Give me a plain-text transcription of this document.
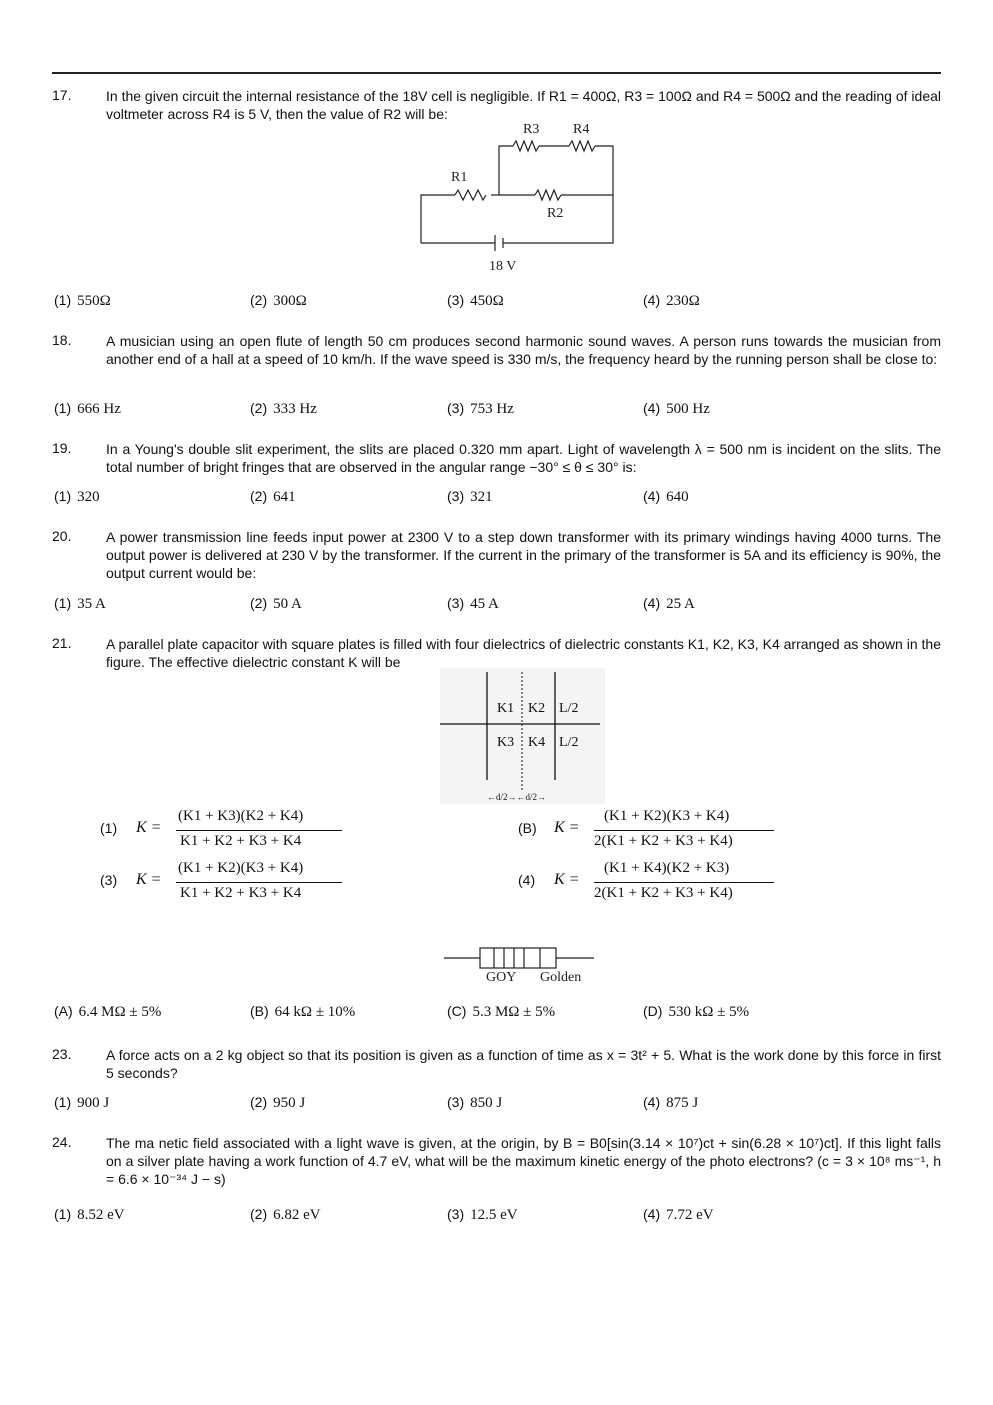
17. In the given circuit the internal resistance of the 18V cell is negligible. If R1 = 400Ω, R3 = 100Ω and R4 = 500Ω and the reading of ideal voltmeter across R4 is 5 V, then the value of R2 will be:
R3 R4
R1
R2
18 V
(1) 550Ω	(2) 300Ω	(3) 450Ω	(4) 230Ω
18. A musician using an open flute of length 50 cm produces second harmonic sound waves. A person runs towards the musician from another end of a hall at a speed of 10 km/h. If the wave speed is 330 m/s, the frequency heard by the running person shall be close to:
(1) 666 Hz	(2) 333 Hz	(3) 753 Hz	(4) 500 Hz
19. In a Young's double slit experiment, the slits are placed 0.320 mm apart. Light of wavelength λ = 500 nm is incident on the slits. The total number of bright fringes that are observed in the angular range −30° ≤ θ ≤ 30° is:
(1) 320	(2) 641	(3) 321	(4) 640
20. A power transmission line feeds input power at 2300 V to a step down transformer with its primary windings having 4000 turns. The output power is delivered at 230 V by the transformer. If the current in the primary of the transformer is 5A and its efficiency is 90%, the output current would be:
(1) 35 A	(2) 50 A	(3) 45 A	(4) 25 A
21. A parallel plate capacitor with square plates is filled with four dielectrics of dielectric constants K1, K2, K3, K4 arranged as shown in the figure. The effective dielectric constant K will be
K1 K2 L/2
K3 K4 L/2
←d/2→←d/2→
(1) K =
(K1 + K3)(K2 + K4)
K1 + K2 + K3 + K4
(B) K =
(K1 + K2)(K3 + K4)
2(K1 + K2 + K3 + K4)
(3) K =
(K1 + K2)(K3 + K4)
K1 + K2 + K3 + K4
(4) K =
(K1 + K4)(K2 + K3)
2(K1 + K2 + K3 + K4)
GOY Golden
(A) 6.4 MΩ ± 5%	(B) 64 kΩ ± 10%	(C) 5.3 MΩ ± 5%	(D) 530 kΩ ± 5%
23. A force acts on a 2 kg object so that its position is given as a function of time as x = 3t² + 5. What is the work done by this force in first 5 seconds?
(1) 900 J	(2) 950 J	(3) 850 J	(4) 875 J
24. The ma netic field associated with a light wave is given, at the origin, by B = B0[sin(3.14 × 10⁷)ct + sin(6.28 × 10⁷)ct]. If this light falls on a silver plate having a work function of 4.7 eV, what will be the maximum kinetic energy of the photo electrons? (c = 3 × 10⁸ ms⁻¹, h = 6.6 × 10⁻³⁴ J − s)
(1) 8.52 eV	(2) 6.82 eV	(3) 12.5 eV	(4) 7.72 eV
